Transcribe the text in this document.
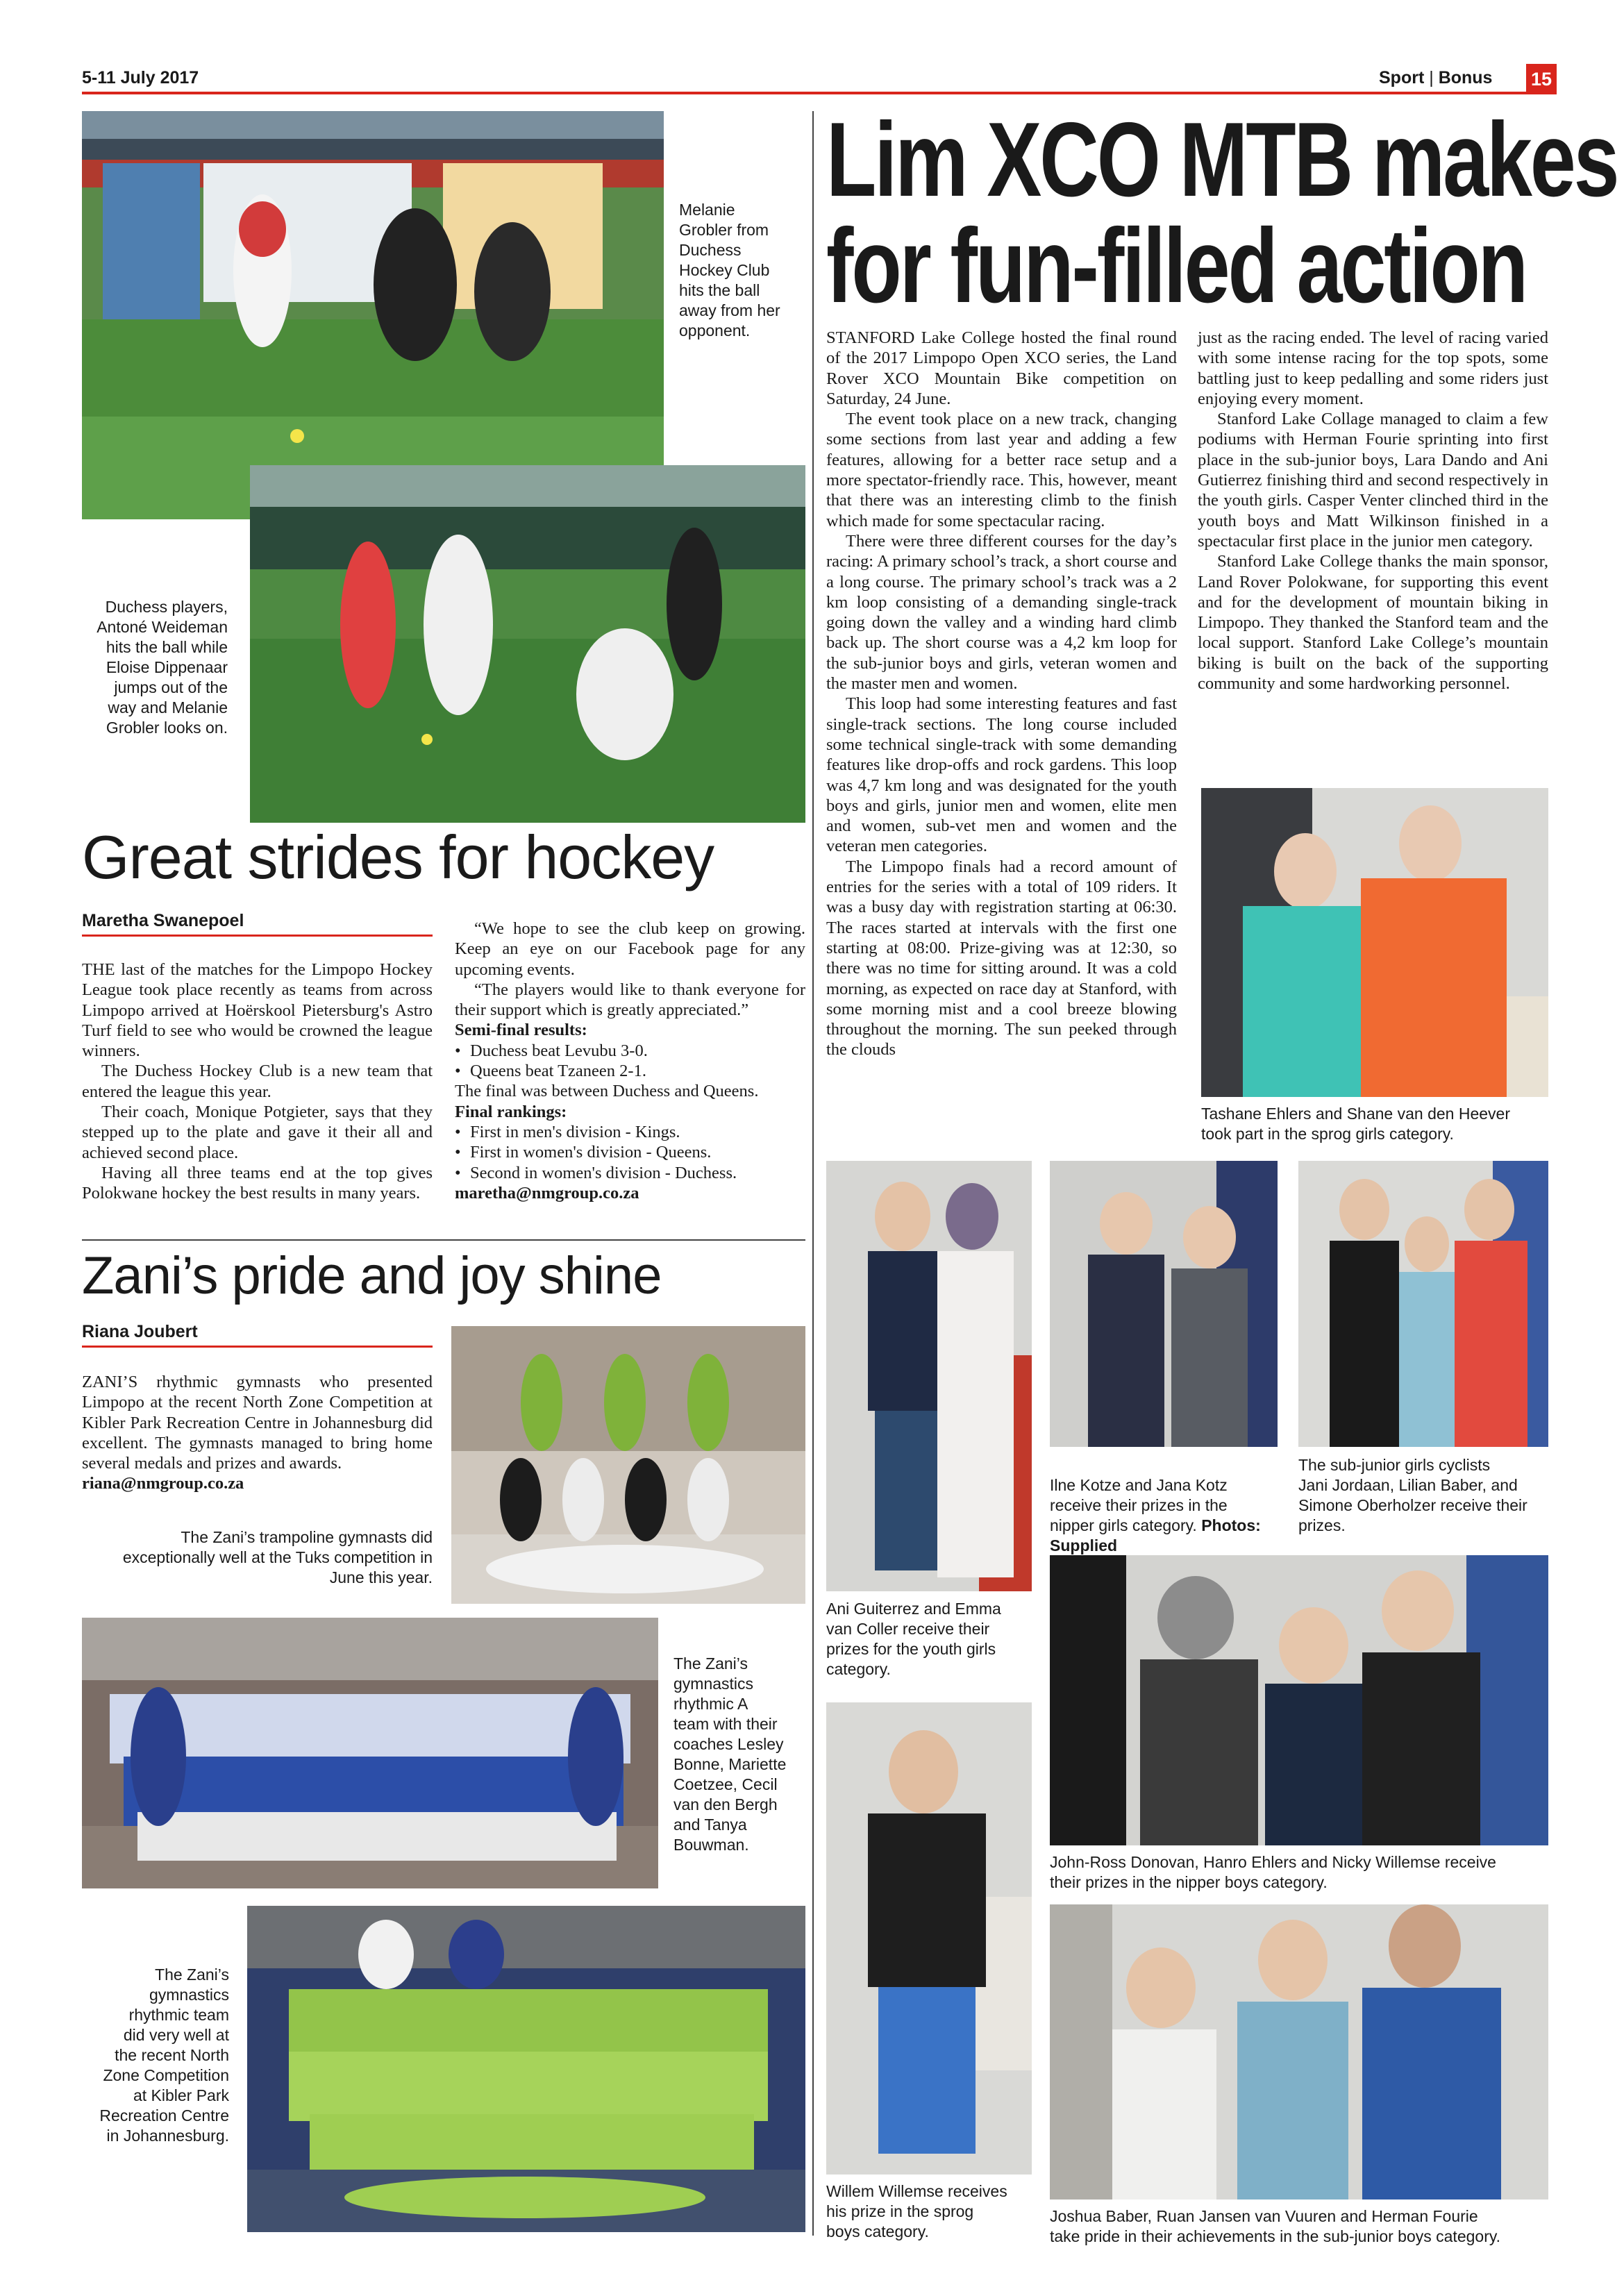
5-11 July 2017	Sport | Bonus 15
Melanie
Grobler from
Duchess
Hockey Club
hits the ball
away from her
opponent.
Duchess players,
Antoné Weideman
hits the ball while
Eloise Dippenaar
jumps out of the
way and Melanie
Grobler looks on.
Great strides for hockey
Maretha Swanepoel

THE last of the matches for the Limpopo Hockey League took place recently as teams from across Limpopo arrived at Hoërskool Pietersburg's Astro Turf field to see who would be crowned the league winners.

The Duchess Hockey Club is a new team that entered the league this year.

Their coach, Monique Potgieter, says that they stepped up to the plate and gave it their all and achieved second place.

Having all three teams end at the top gives Polokwane hockey the best results in many years.

“We hope to see the club keep on growing. Keep an eye on our Facebook page for any upcoming events.

“The players would like to thank everyone for their support which is greatly appreciated.”

Semi-final results:

• Duchess beat Levubu 3-0.
• Queens beat Tzaneen 2-1.

The final was between Duchess and Queens.

Final rankings:

• First in men's division - Kings.
• First in women's division - Queens.
• Second in women's division - Duchess.

maretha@nmgroup.co.za

Zani’s pride and joy shine
Riana Joubert

ZANI’S rhythmic gymnasts who presented Limpopo at the recent North Zone Competition at Kibler Park Recreation Centre in Johannesburg did excellent. The gymnasts managed to bring home several medals and prizes and awards.

riana@nmgroup.co.za

The Zani’s trampoline gymnasts did
exceptionally well at the Tuks competition in
June this year.
The Zani’s
gymnastics
rhythmic A
team with their
coaches Lesley
Bonne, Mariette
Coetzee, Cecil
van den Bergh
and Tanya
Bouwman.
The Zani’s
gymnastics
rhythmic team
did very well at
the recent North
Zone Competition
at Kibler Park
Recreation Centre
in Johannesburg.
Lim XCO MTB makes
for fun-filled action

STANFORD Lake College hosted the final round of the 2017 Limpopo Open XCO series, the Land Rover XCO Mountain Bike competition on Saturday, 24 June.

The event took place on a new track, changing some sections from last year and adding a few features, allowing for a better race setup and a more spectator-friendly race. This, however, meant that there was an interesting climb to the finish which made for some spectacular racing.

There were three different courses for the day’s racing: A primary school’s track, a short course and a long course. The primary school’s track was a 2 km loop consisting of a demanding single-track going down the valley and a winding hard climb back up. The short course was a 4,2 km loop for the sub-junior boys and girls, veteran women and the master men and women.

This loop had some interesting features and fast single-track sections. The long course included some technical single-track with some demanding features like drop-offs and rock gardens. This loop was 4,7 km long and was designated for the youth boys and girls, junior men and women, elite men and women, sub-vet men and women and the veteran men categories.

The Limpopo finals had a record amount of entries for the series with a total of 109 riders. It was a busy day with registration starting at 06:30. The races started at intervals with the first one starting at 08:00. Prize-giving was at 12:30, so there was no time for sitting around. It was a cold morning, as expected on race day at Stanford, with some morning mist and a cool breeze blowing throughout the morning. The sun peeked through the clouds

just as the racing ended. The level of racing varied with some intense racing for the top spots, some battling just to keep pedalling and some riders just enjoying every moment.

Stanford Lake Collage managed to claim a few podiums with Herman Fourie sprinting into first place in the sub-junior boys, Lara Dando and Ani Gutierrez finishing third and second respectively in the youth girls. Casper Venter clinched third in the youth boys and Matt Wilkinson finished in a spectacular first place in the junior men category.

Stanford Lake College thanks the main sponsor, Land Rover Polokwane, for supporting this event and for the development of mountain biking in Limpopo. They thanked the Stanford team and the local support. Stanford Lake College’s mountain biking is built on the back of the supporting community and some hardworking personnel.

Tashane Ehlers and Shane van den Heever
took part in the sprog girls category.
Ani Guiterrez and Emma
van Coller receive their
prizes for the youth girls
category.

Ilne Kotze and Jana Kotz
receive their prizes in the
nipper girls category. Photos:
Supplied

The sub-junior girls cyclists
Jani Jordaan, Lilian Baber, and
Simone Oberholzer receive their
prizes.
John-Ross Donovan, Hanro Ehlers and Nicky Willemse receive
their prizes in the nipper boys category.
Willem Willemse receives
his prize in the sprog
boys category.
Joshua Baber, Ruan Jansen van Vuuren and Herman Fourie
take pride in their achievements in the sub-junior boys category.
